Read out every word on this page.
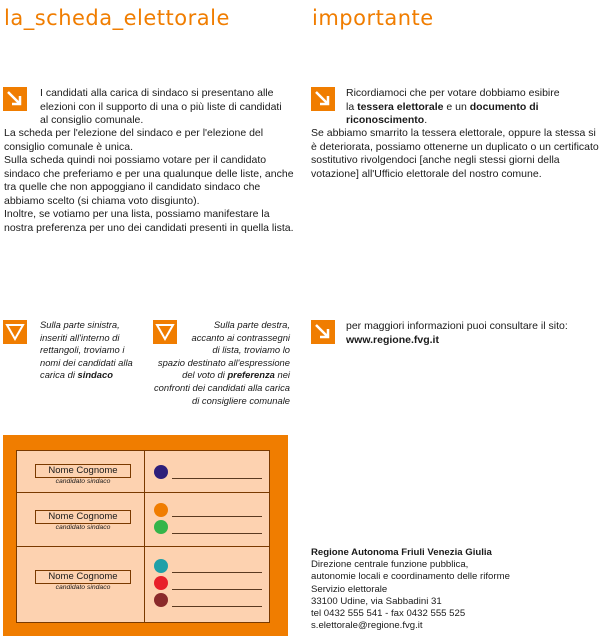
la_scheda_elettorale

I candidati alla carica di sindaco si presentano alle
elezioni con il supporto di una o più liste di candidati
al consiglio comunale.

La scheda per l'elezione del sindaco e per l'elezione del
consiglio comunale è unica.
Sulla scheda quindi noi possiamo votare per il candidato
sindaco che preferiamo e per una qualunque delle liste, anche
tra quelle che non appoggiano il candidato sindaco che
abbiamo scelto (si chiama voto disgiunto).
Inoltre, se votiamo per una lista, possiamo manifestare la
nostra preferenza per uno dei candidati presenti in quella lista.

Sulla parte sinistra,
inseriti all'interno di
rettangoli, troviamo i
nomi dei candidati alla
carica di sindaco

Sulla parte destra,
accanto ai contrassegni
di lista, troviamo lo
spazio destinato all'espressione
del voto di preferenza nei
confronti dei candidati alla carica
di consigliere comunale

Nome Cognome
candidato sindaco
Nome Cognome
candidato sindaco
Nome Cognome
candidato sindaco
importante

Ricordiamoci che per votare dobbiamo esibire
la tessera elettorale e un documento di
riconoscimento.

Se abbiamo smarrito la tessera elettorale, oppure la stessa si
è deteriorata, possiamo ottenerne un duplicato o un certificato
sostitutivo rivolgendoci [anche negli stessi giorni della
votazione] all'Ufficio elettorale del nostro comune.

per maggiori informazioni puoi consultare il sito:
www.regione.fvg.it

Regione Autonoma Friuli Venezia Giulia
Direzione centrale funzione pubblica,
autonomie locali e coordinamento delle riforme
Servizio elettorale
33100 Udine, via Sabbadini 31
tel 0432 555 541 - fax 0432 555 525
s.elettorale@regione.fvg.it
